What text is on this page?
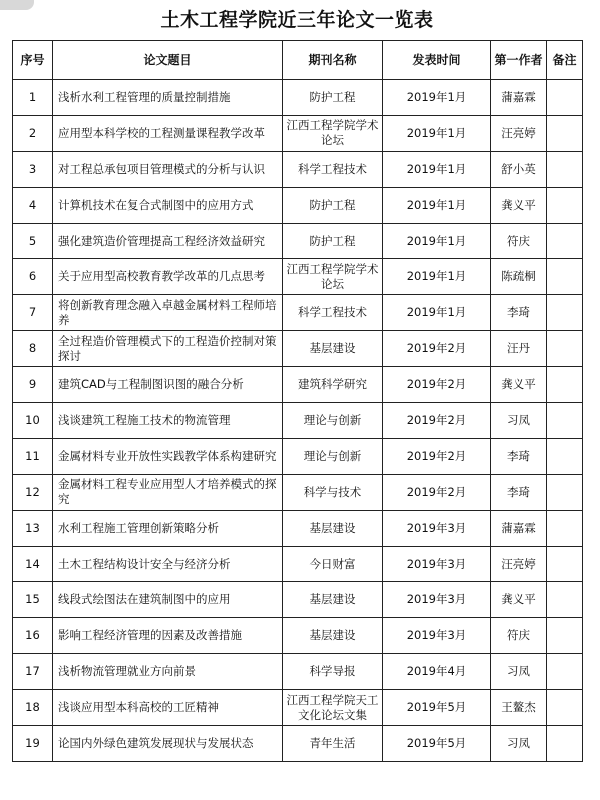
土木工程学院近三年论文一览表
序号	论文题目	期刊名称	发表时间	第一作者	备注
1	浅析水利工程管理的质量控制措施	防护工程	2019年1月	蒲嘉霖	
2	应用型本科学校的工程测量课程教学改革	江西工程学院学术论坛	2019年1月	汪亮婷	
3	对工程总承包项目管理模式的分析与认识	科学工程技术	2019年1月	舒小英	
4	计算机技术在复合式制图中的应用方式	防护工程	2019年1月	龚义平	
5	强化建筑造价管理提高工程经济效益研究	防护工程	2019年1月	符庆	
6	关于应用型高校教育教学改革的几点思考	江西工程学院学术论坛	2019年1月	陈疏桐	
7	将创新教育理念融入卓越金属材料工程师培养	科学工程技术	2019年1月	李琦	
8	全过程造价管理模式下的工程造价控制对策探讨	基层建设	2019年2月	汪丹	
9	建筑CAD与工程制图识图的融合分析	建筑科学研究	2019年2月	龚义平	
10	浅谈建筑工程施工技术的物流管理	理论与创新	2019年2月	习凤	
11	金属材料专业开放性实践教学体系构建研究	理论与创新	2019年2月	李琦	
12	金属材料工程专业应用型人才培养模式的探究	科学与技术	2019年2月	李琦	
13	水利工程施工管理创新策略分析	基层建设	2019年3月	蒲嘉霖	
14	土木工程结构设计安全与经济分析	今日财富	2019年3月	汪亮婷	
15	线段式绘图法在建筑制图中的应用	基层建设	2019年3月	龚义平	
16	影响工程经济管理的因素及改善措施	基层建设	2019年3月	符庆	
17	浅析物流管理就业方向前景	科学导报	2019年4月	习凤	
18	浅谈应用型本科高校的工匠精神	江西工程学院天工文化论坛文集	2019年5月	王鳌杰	
19	论国内外绿色建筑发展现状与发展状态	青年生活	2019年5月	习凤	
